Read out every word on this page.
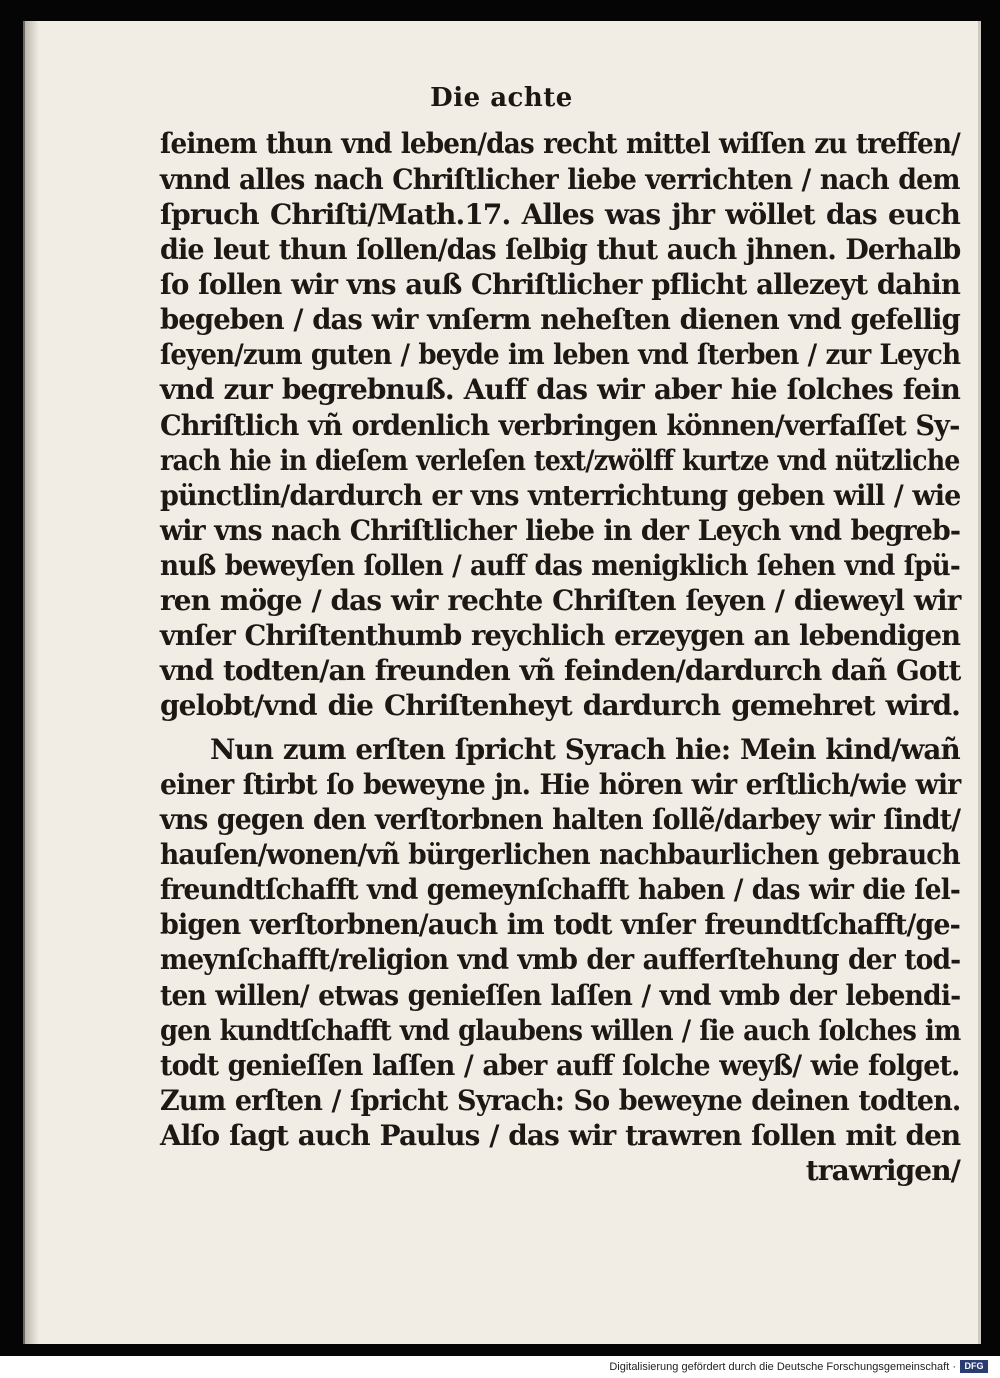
Die achte
ſeinem thun vnd leben/das recht mittel wiſſen zu treffen/
vnnd alles nach Chriſtlicher liebe verrichten / nach dem
ſpruch Chriſti/Math.17. Alles was jhr wöllet das euch
die leut thun ſollen/das ſelbig thut auch jhnen. Derhalb
ſo ſollen wir vns auß Chriſtlicher pflicht allezeyt dahin
begeben / das wir vnſerm neheſten dienen vnd gefellig
ſeyen/zum guten / beyde im leben vnd ſterben / zur Leych
vnd zur begrebnuß. Auff das wir aber hie ſolches fein
Chriſtlich vñ ordenlich verbringen können/verfaſſet Sy-
rach hie in dieſem verleſen text/zwölff kurtze vnd nützliche
pünctlin/dardurch er vns vnterrichtung geben will / wie
wir vns nach Chriſtlicher liebe in der Leych vnd begreb-
nuß beweyſen ſollen / auff das menigklich ſehen vnd ſpü-
ren möge / das wir rechte Chriſten ſeyen / dieweyl wir
vnſer Chriſtenthumb reychlich erzeygen an lebendigen
vnd todten/an freunden vñ feinden/dardurch dañ Gott
gelobt/vnd die Chriſtenheyt dardurch gemehret wird.
Nun zum erſten ſpricht Syrach hie: Mein kind/wañ
einer ſtirbt ſo beweyne jn. Hie hören wir erſtlich/wie wir
vns gegen den verſtorbnen halten ſollẽ/darbey wir ſindt/
hauſen/wonen/vñ bürgerlichen nachbaurlichen gebrauch
freundtſchafft vnd gemeynſchafft haben / das wir die ſel-
bigen verſtorbnen/auch im todt vnſer freundtſchafft/ge-
meynſchafft/religion vnd vmb der aufferſtehung der tod-
ten willen/ etwas genieſſen laſſen / vnd vmb der lebendi-
gen kundtſchafft vnd glaubens willen / ſie auch ſolches im
todt genieſſen laſſen / aber auff ſolche weyß/ wie folget.
Zum erſten / ſpricht Syrach: So beweyne deinen todten.
Alſo ſagt auch Paulus / das wir trawren ſollen mit den
trawrigen/
Digitalisierung gefördert durch die Deutsche Forschungsgemeinschaft · DFG
